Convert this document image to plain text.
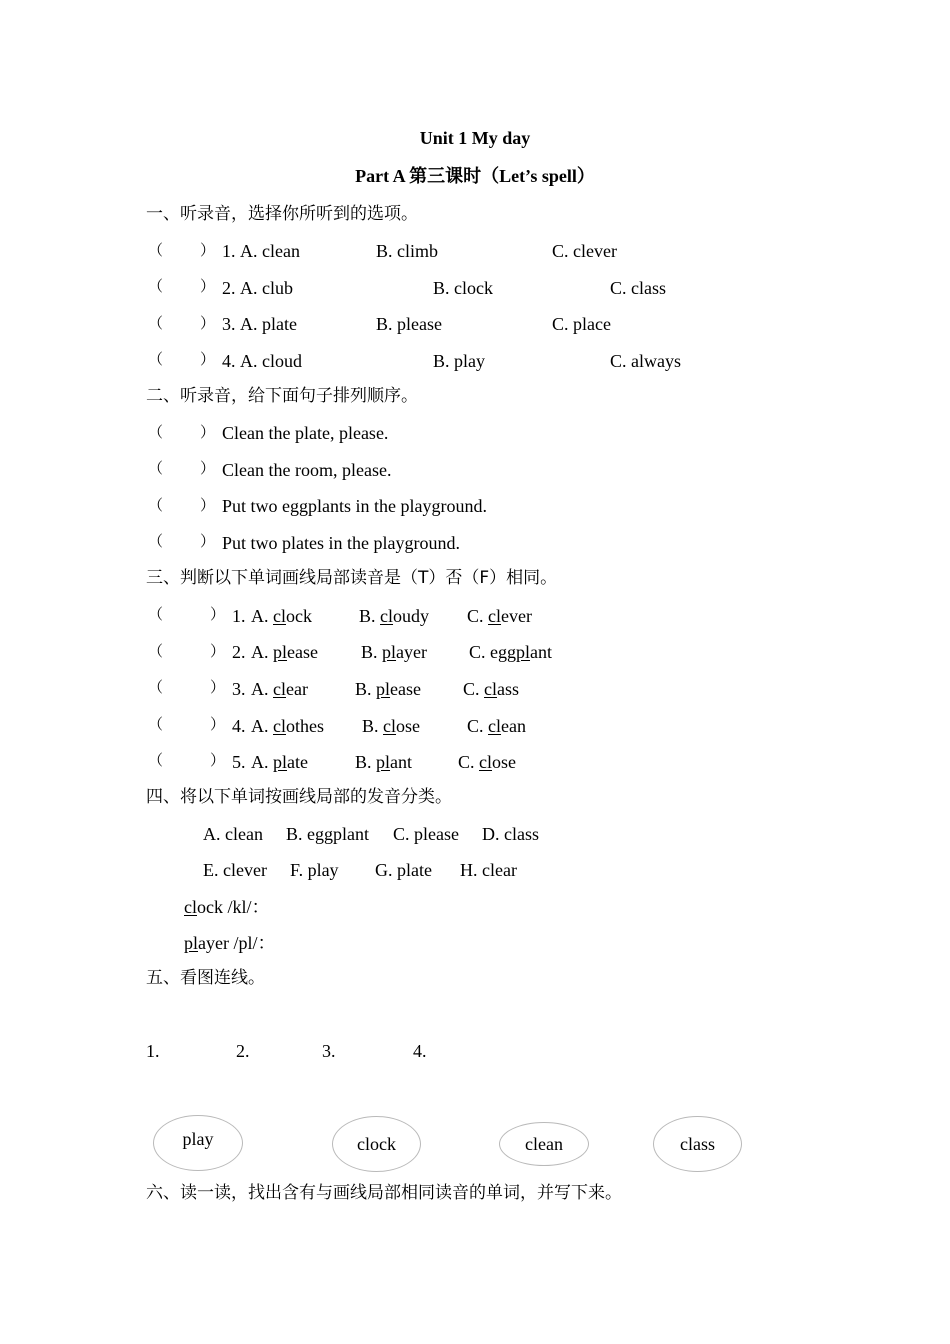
Unit 1 My day
Part A 第三课时（Let’s spell）
一、听录音，选择你所听到的选项。
（ ） 1. A. clean	B. climb	C. clever
（ ） 2. A. club	B. clock	C. class
（ ） 3. A. plate	B. please	C. place
（ ） 4. A. cloud	B. play	C. always
二、听录音，给下面句子排列顺序。
（ ） Clean the plate, please.
（ ） Clean the room, please.
（ ） Put two eggplants in the playground.
（ ） Put two plates in the playground.
三、判断以下单词画线局部读音是（T）否（F）相同。
（	） 1. A. clock	B. cloudy C. clever
（	） 2. A. please B. player C. eggplant
（	） 3. A. clear	B. please C. class
（	） 4. A. clothes B. close	C. clean
（	） 5. A. plate	B. plant	C. close
四、将以下单词按画线局部的发音分类。
A. clean B. eggplant C. please D. class
E. clever F. play G. plate H. clear
clock /kl/：
player /pl/：
五、看图连线。
1.	2.	3.	4.
play	clock	clean	class
六、读一读，找出含有与画线局部相同读音的单词，并写下来。
